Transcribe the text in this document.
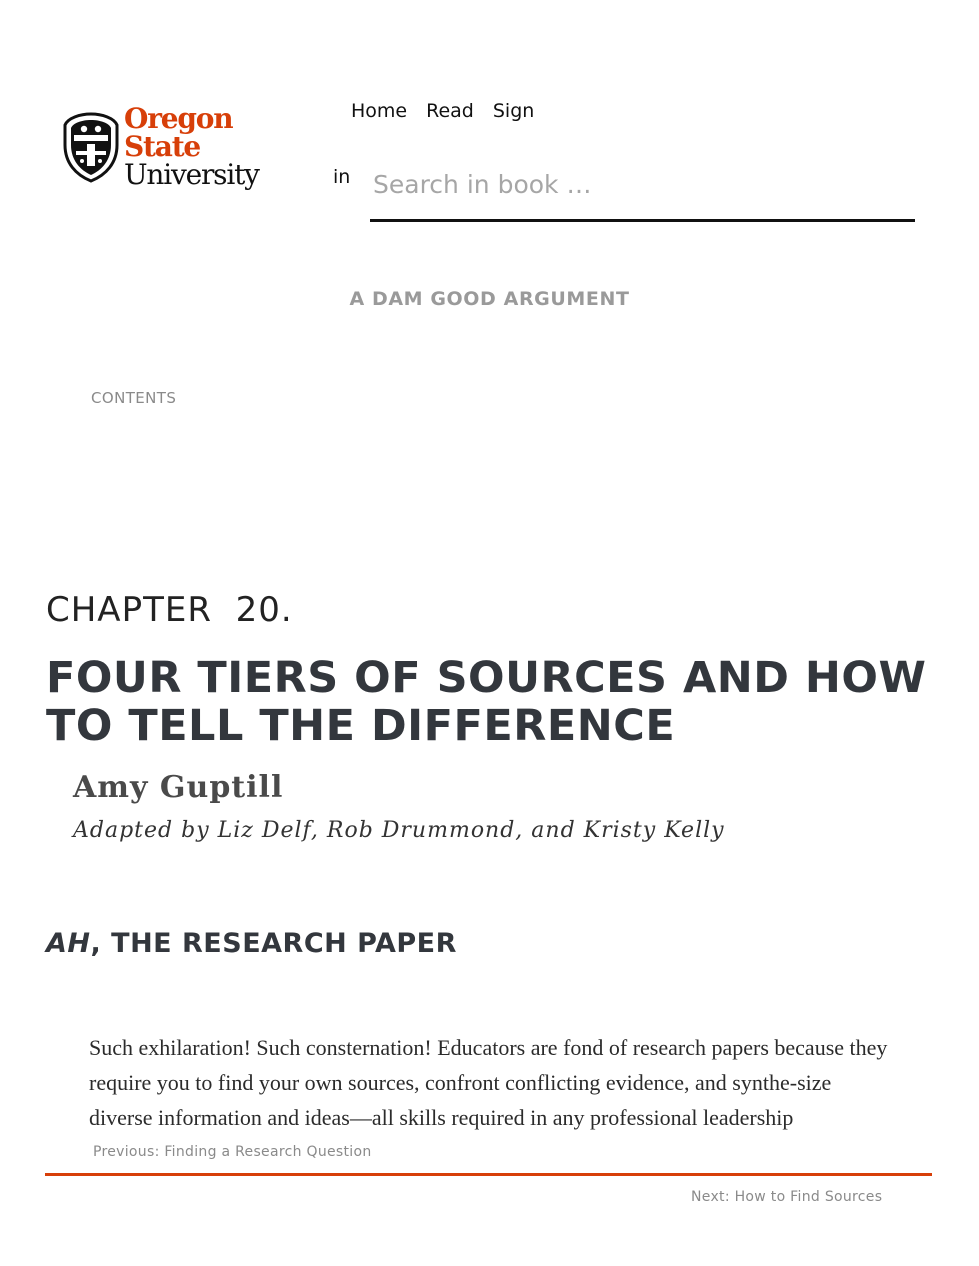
Oregon State
University
Home Read Sign
in
Search in book …
A DAM GOOD ARGUMENT
CONTENTS
CHAPTER 20.
FOUR TIERS OF SOURCES AND HOW TO TELL THE DIFFERENCE
Amy Guptill
Adapted by Liz Delf, Rob Drummond, and Kristy Kelly
AH, THE RESEARCH PAPER

Such exhilaration! Such consternation! Educators are fond of research papers because they require you to find your own sources, confront conflicting evidence, and synthe-size diverse information and ideas—all skills required in any professional leadership

Previous: Finding a Research Question
Next: How to Find Sources
